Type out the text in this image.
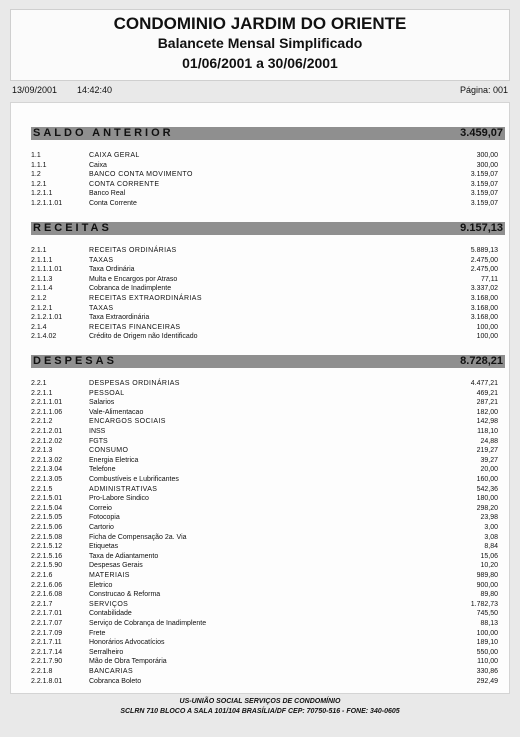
CONDOMINIO JARDIM DO ORIENTE
Balancete Mensal Simplificado
01/06/2001 a 30/06/2001
13/09/2001 14:42:40	Página: 001
SALDO ANTERIOR	3.459,07
1.1	CAIXA GERAL	300,00
1.1.1	Caixa	300,00
1.2	BANCO CONTA MOVIMENTO	3.159,07
1.2.1	CONTA CORRENTE	3.159,07
1.2.1.1	Banco Real	3.159,07
1.2.1.1.01	Conta Corrente	3.159,07
RECEITAS	9.157,13
2.1.1	RECEITAS ORDINÁRIAS	5.889,13
2.1.1.1	TAXAS	2.475,00
2.1.1.1.01	Taxa Ordinária	2.475,00
2.1.1.3	Multa e Encargos por Atraso	77,11
2.1.1.4	Cobranca de Inadimplente	3.337,02
2.1.2	RECEITAS EXTRAORDINÁRIAS	3.168,00
2.1.2.1	TAXAS	3.168,00
2.1.2.1.01	Taxa Extraordinária	3.168,00
2.1.4	RECEITAS FINANCEIRAS	100,00
2.1.4.02	Crédito de Origem não Identificado	100,00
DESPESAS	8.728,21
2.2.1	DESPESAS ORDINÁRIAS	4.477,21
2.2.1.1	PESSOAL	469,21
2.2.1.1.01	Salarios	287,21
2.2.1.1.06	Vale-Alimentacao	182,00
2.2.1.2	ENCARGOS SOCIAIS	142,98
2.2.1.2.01	INSS	118,10
2.2.1.2.02	FGTS	24,88
2.2.1.3	CONSUMO	219,27
2.2.1.3.02	Energia Eletrica	39,27
2.2.1.3.04	Telefone	20,00
2.2.1.3.05	Combustíveis e Lubrificantes	160,00
2.2.1.5	ADMINISTRATIVAS	542,36
2.2.1.5.01	Pro-Labore Sindico	180,00
2.2.1.5.04	Correio	298,20
2.2.1.5.05	Fotocopia	23,98
2.2.1.5.06	Cartorio	3,00
2.2.1.5.08	Ficha de Compensação 2a. Via	3,08
2.2.1.5.12	Etiquetas	8,84
2.2.1.5.16	Taxa de Adiantamento	15,06
2.2.1.5.90	Despesas Gerais	10,20
2.2.1.6	MATERIAIS	989,80
2.2.1.6.06	Eletrico	900,00
2.2.1.6.08	Construcao & Reforma	89,80
2.2.1.7	SERVIÇOS	1.782,73
2.2.1.7.01	Contabilidade	745,50
2.2.1.7.07	Serviço de Cobrança de Inadimplente	88,13
2.2.1.7.09	Frete	100,00
2.2.1.7.11	Honorários Advocatícios	189,10
2.2.1.7.14	Serralheiro	550,00
2.2.1.7.90	Mão de Obra Temporária	110,00
2.2.1.8	BANCARIAS	330,86
2.2.1.8.01	Cobranca Boleto	292,49
US-UNIÃO SOCIAL SERVIÇOS DE CONDOMÍNIO
SCLRN 710 BLOCO A SALA 101/104 BRASÍLIA/DF CEP: 70750-516 - FONE: 340-0605
